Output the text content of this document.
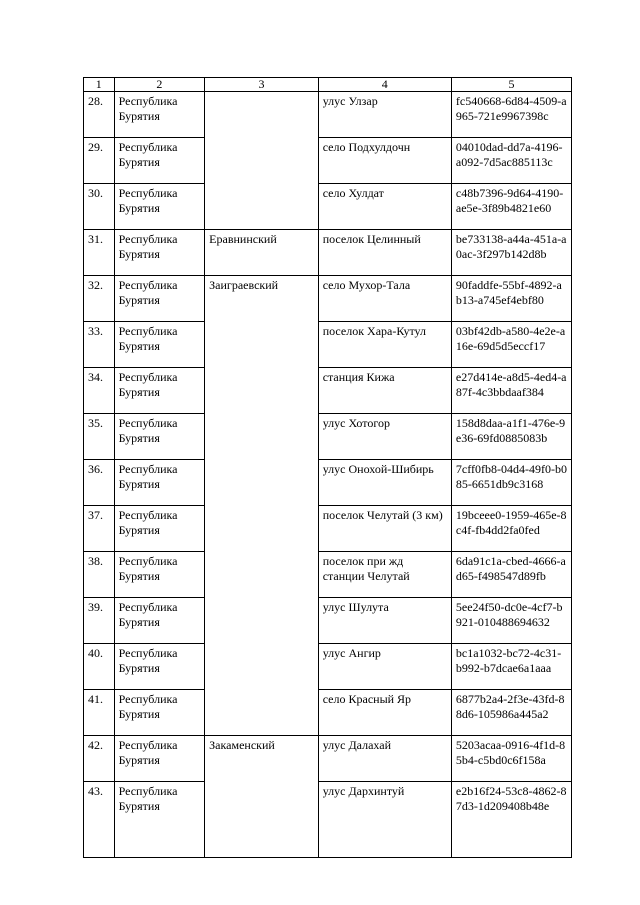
1	2	3	4	5
28.	Республика Бурятия		улус Улзар	fc540668-6d84-4509-a965-721e9967398c
29.	Республика Бурятия		село Подхулдочн	04010dad-dd7a-4196-a092-7d5ac885113c
30.	Республика Бурятия		село Хулдат	c48b7396-9d64-4190-ae5e-3f89b4821e60
31.	Республика Бурятия	Еравнинский	поселок Целинный	be733138-a44a-451a-a0ac-3f297b142d8b
32.	Республика Бурятия	Заиграевский	село Мухор-Тала	90faddfe-55bf-4892-ab13-a745ef4ebf80
33.	Республика Бурятия		поселок Хара-Кутул	03bf42db-a580-4e2e-a16e-69d5d5eccf17
34.	Республика Бурятия		станция Кижа	e27d414e-a8d5-4ed4-a87f-4c3bbdaaf384
35.	Республика Бурятия		улус Хотогор	158d8daa-a1f1-476e-9e36-69fd0885083b
36.	Республика Бурятия		улус Онохой-Шибирь	7cff0fb8-04d4-49f0-b085-6651db9c3168
37.	Республика Бурятия		поселок Челутай (3 км)	19bceee0-1959-465e-8c4f-fb4dd2fa0fed
38.	Республика Бурятия		поселок при жд станции Челутай	6da91c1a-cbed-4666-ad65-f498547d89fb
39.	Республика Бурятия		улус Шулута	5ee24f50-dc0e-4cf7-b921-010488694632
40.	Республика Бурятия		улус Ангир	bc1a1032-bc72-4c31-b992-b7dcae6a1aaa
41.	Республика Бурятия		село Красный Яр	6877b2a4-2f3e-43fd-88d6-105986a445a2
42.	Республика Бурятия	Закаменский	улус Далахай	5203acaa-0916-4f1d-85b4-c5bd0c6f158a
43.	Республика Бурятия		улус Дархинтуй	e2b16f24-53c8-4862-87d3-1d209408b48e
